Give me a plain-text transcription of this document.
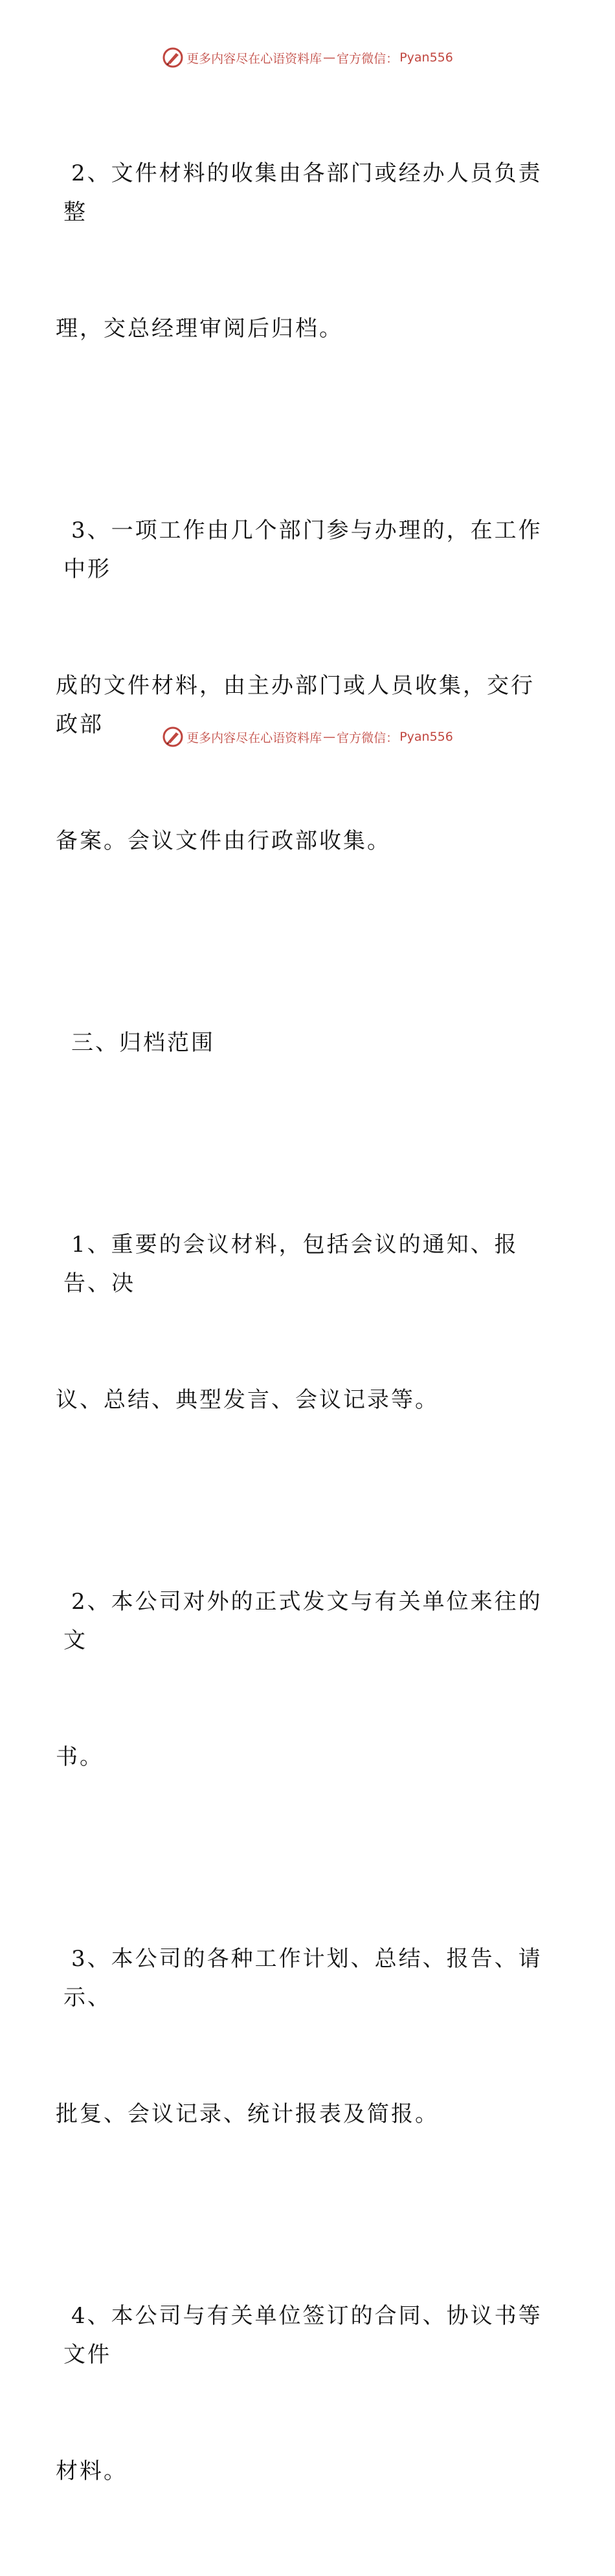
更多内容尽在心语资料库 — 官方微信： Pyan556

2、文件材料的收集由各部门或经办人员负责整

理，交总经理审阅后归档。

3、一项工作由几个部门参与办理的，在工作中形

成的文件材料，由主办部门或人员收集，交行政部

备案。会议文件由行政部收集。

三、归档范围

1、重要的会议材料，包括会议的通知、报告、决

议、总结、典型发言、会议记录等。

2、本公司对外的正式发文与有关单位来往的文

书。

3、本公司的各种工作计划、总结、报告、请示、

批复、会议记录、统计报表及简报。

4、本公司与有关单位签订的合同、协议书等文件

材料。

更多内容尽在心语资料库 — 官方微信： Pyan556
